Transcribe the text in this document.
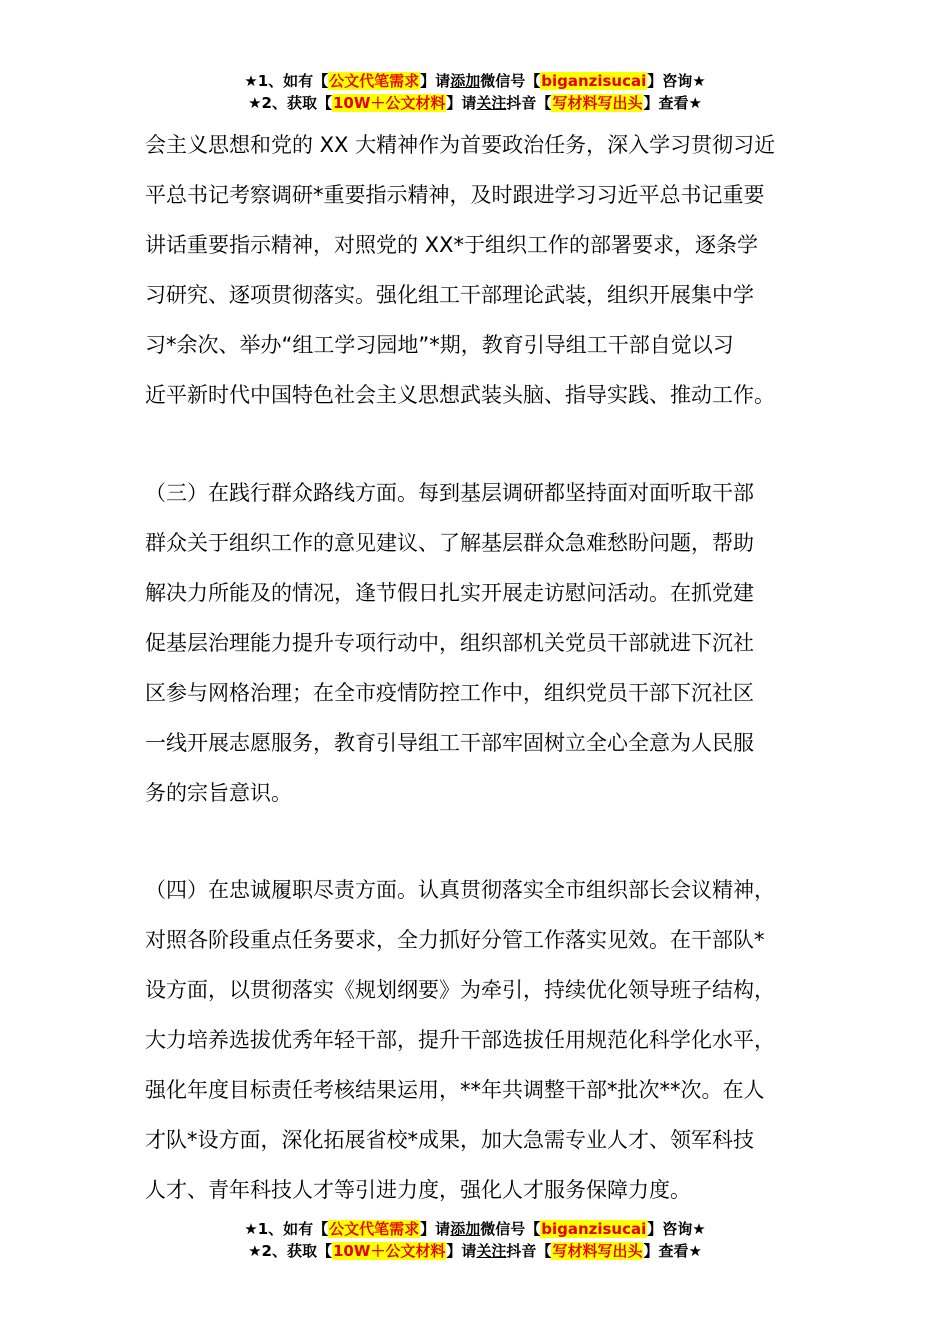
★1、如有【公文代笔需求】请添加微信号【biganzisucai】咨询★
★2、获取【10W＋公文材料】请关注抖音【写材料写出头】查看★
会主义思想和党的 XX 大精神作为首要政治任务，深入学习贯彻习近
平总书记考察调研*重要指示精神，及时跟进学习习近平总书记重要
讲话重要指示精神，对照党的 XX*于组织工作的部署要求，逐条学
习研究、逐项贯彻落实。强化组工干部理论武装，组织开展集中学
习*余次、举办“组工学习园地”*期，教育引导组工干部自觉以习
近平新时代中国特色社会主义思想武装头脑、指导实践、推动工作。
（三）在践行群众路线方面。每到基层调研都坚持面对面听取干部
群众关于组织工作的意见建议、了解基层群众急难愁盼问题，帮助
解决力所能及的情况，逢节假日扎实开展走访慰问活动。在抓党建
促基层治理能力提升专项行动中，组织部机关党员干部就进下沉社
区参与网格治理；在全市疫情防控工作中，组织党员干部下沉社区
一线开展志愿服务，教育引导组工干部牢固树立全心全意为人民服
务的宗旨意识。
（四）在忠诚履职尽责方面。认真贯彻落实全市组织部长会议精神，
对照各阶段重点任务要求，全力抓好分管工作落实见效。在干部队*
设方面，以贯彻落实《规划纲要》为牵引，持续优化领导班子结构，
大力培养选拔优秀年轻干部，提升干部选拔任用规范化科学化水平，
强化年度目标责任考核结果运用，**年共调整干部*批次**次。在人
才队*设方面，深化拓展省校*成果，加大急需专业人才、领军科技
人才、青年科技人才等引进力度，强化人才服务保障力度。
★1、如有【公文代笔需求】请添加微信号【biganzisucai】咨询★
★2、获取【10W＋公文材料】请关注抖音【写材料写出头】查看★
